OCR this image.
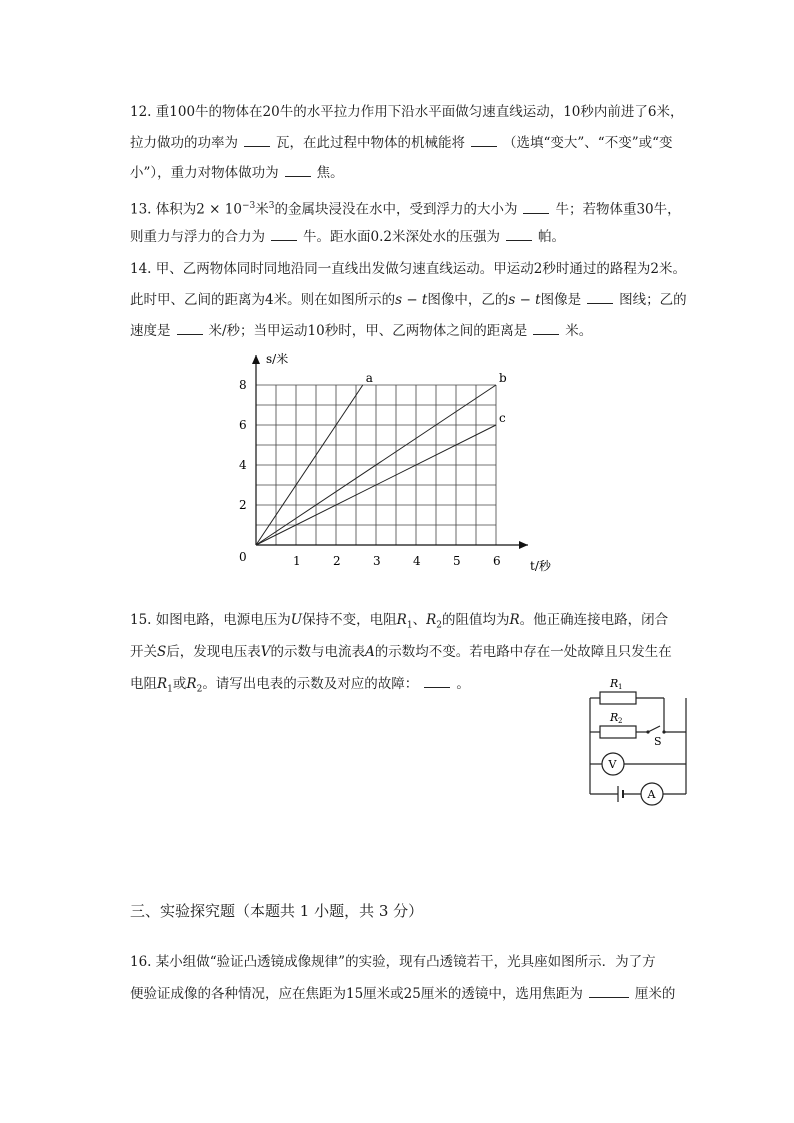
12. 重100牛的物体在20牛的水平拉力作用下沿水平面做匀速直线运动，10秒内前进了6米，
拉力做功的功率为	瓦，在此过程中物体的机械能将	（选填“变大”、“不变”或“变
小”），重力对物体做功为	焦。
13. 体积为$2 \times 10^{-3}$米$^3$的金属块浸没在水中，受到浮力的大小为	牛；若物体重30牛，
则重力与浮力的合力为	牛。距水面0.2米深处水的压强为	帕。
14. 甲、乙两物体同时同地沿同一直线出发做匀速直线运动。甲运动2秒时通过的路程为2米。
此时甲、乙间的距离为4米。则在如图所示的s − t图像中，乙的s − t图像是	图线；乙的
速度是	米/秒；当甲运动10秒时，甲、乙两物体之间的距离是	米。
a	b
c
1	2	3	4	5	6
2
4
6
8
0
s/米
t/秒
15. 如图电路，电源电压为U保持不变，电阻$R_1$、$R_2$的阻值均为R。他正确连接电路，闭合
开关S后，发现电压表V的示数与电流表A的示数均不变。若电路中存在一处故障且只发生在
电阻$R_1$或$R_2$。请写出电表的示数及对应的故障：	。	R 1
R 2
S
V
A
三、实验探究题（本题共 1 小题，共 3 分）
16. 某小组做“验证凸透镜成像规律”的实验，现有凸透镜若干，光具座如图所示．为了方
便验证成像的各种情况，应在焦距为15厘米或25厘米的透镜中，选用焦距为	厘米的
